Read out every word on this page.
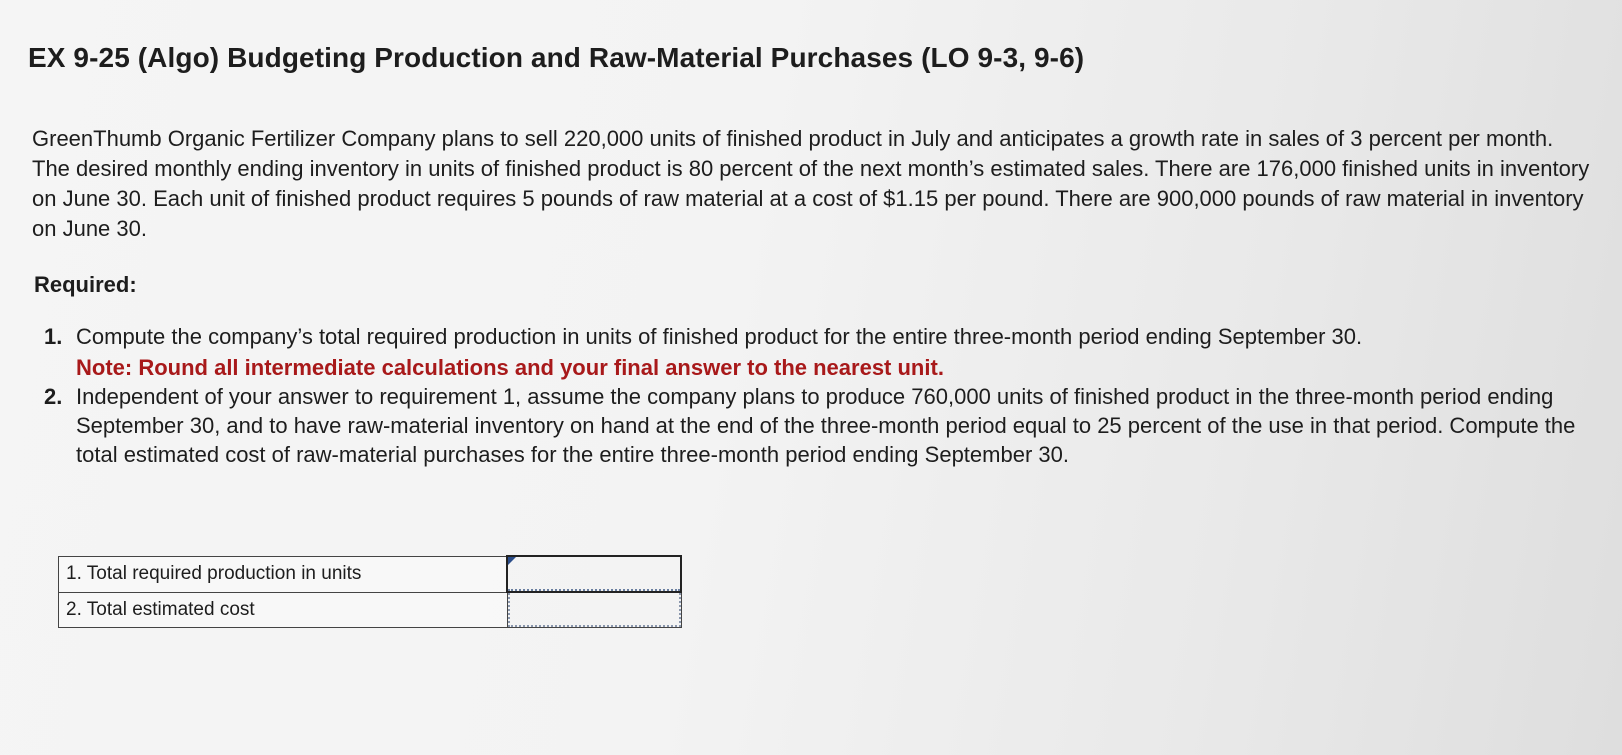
EX 9-25 (Algo) Budgeting Production and Raw-Material Purchases (LO 9-3, 9-6)

GreenThumb Organic Fertilizer Company plans to sell 220,000 units of finished product in July and anticipates a growth rate in sales of 3 percent per month. The desired monthly ending inventory in units of finished product is 80 percent of the next month’s estimated sales. There are 176,000 finished units in inventory on June 30. Each unit of finished product requires 5 pounds of raw material at a cost of $1.15 per pound. There are 900,000 pounds of raw material in inventory on June 30.

Required:
1. Compute the company’s total required production in units of finished product for the entire three-month period ending September 30.
Note: Round all intermediate calculations and your final answer to the nearest unit.
2. Independent of your answer to requirement 1, assume the company plans to produce 760,000 units of finished product in the three-month period ending September 30, and to have raw-material inventory on hand at the end of the three-month period equal to 25 percent of the use in that period. Compute the total estimated cost of raw-material purchases for the entire three-month period ending September 30.
1. Total required production in units	

2. Total estimated cost	
